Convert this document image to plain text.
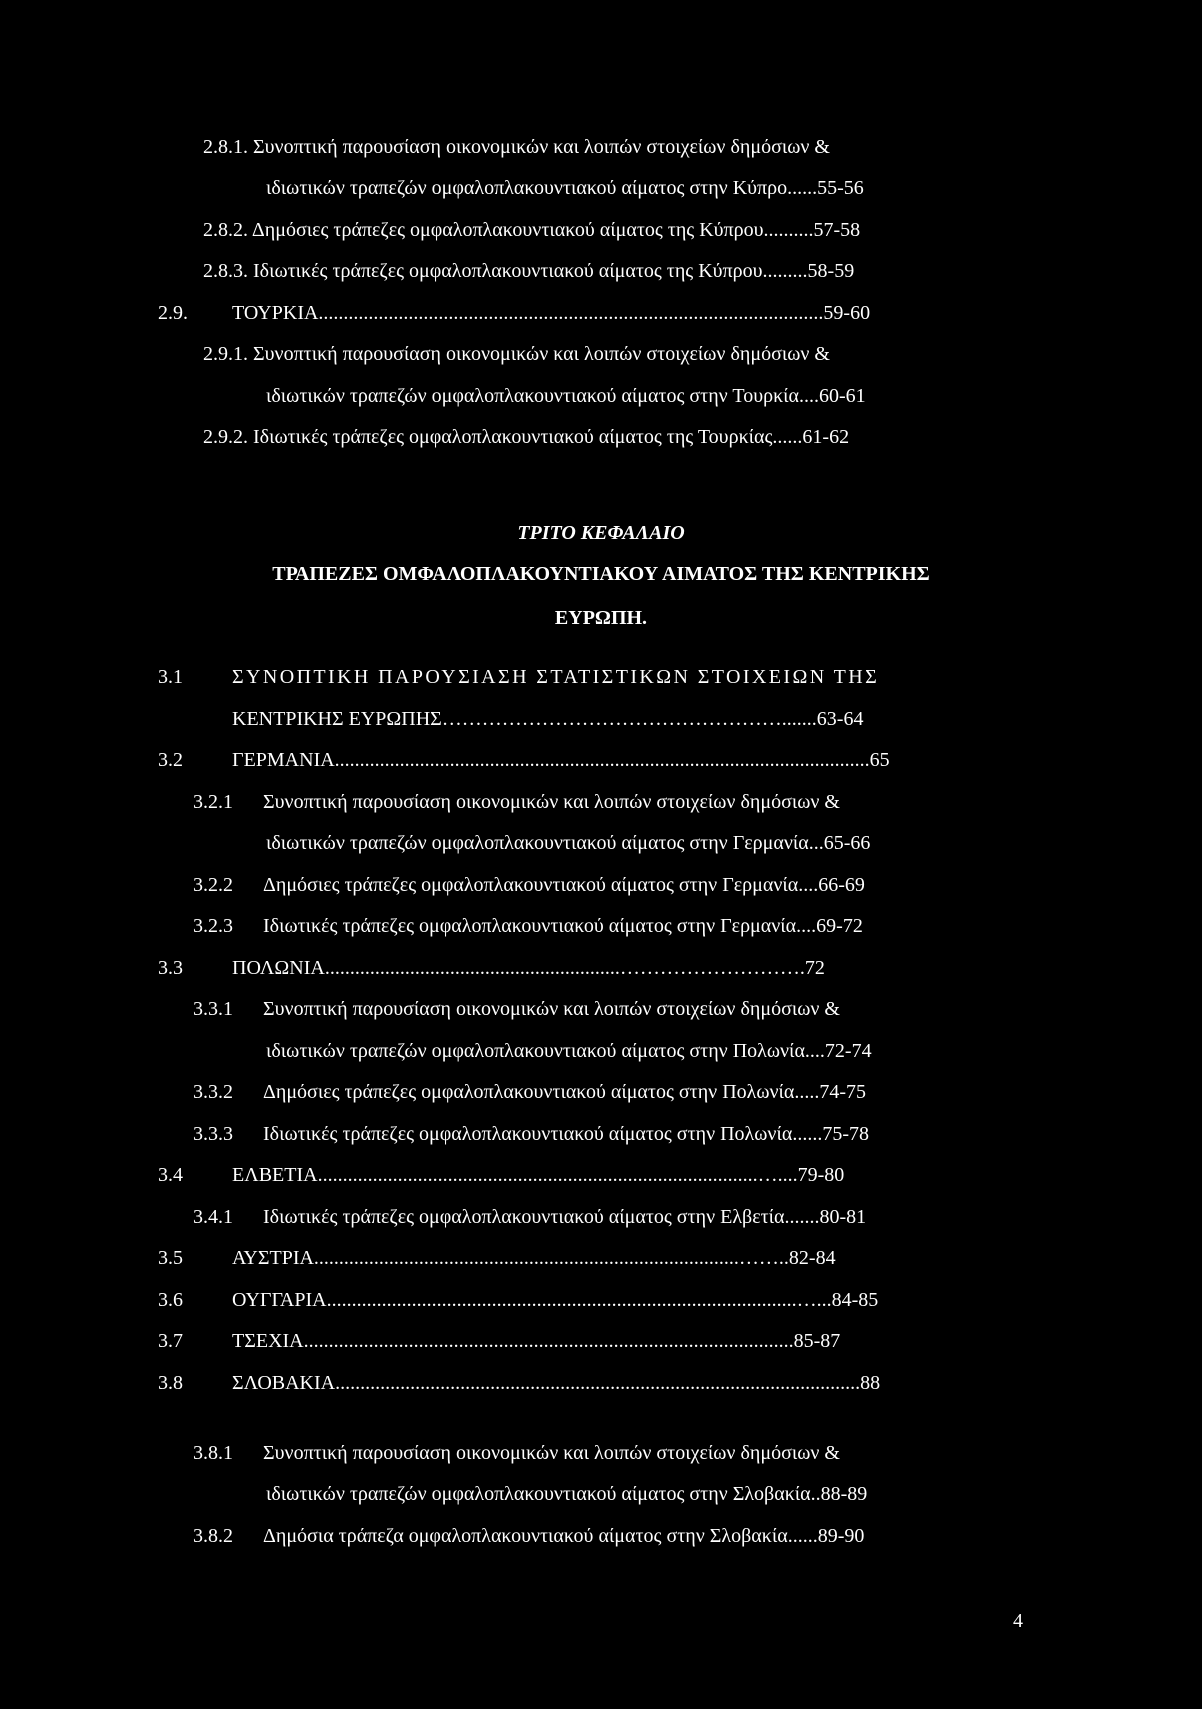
2.8.1. Συνοπτική παρουσίαση οικονομικών και λοιπών στοιχείων δημόσιων &
ιδιωτικών τραπεζών ομφαλοπλακουντιακού αίματος στην Κύπρο......55-56
2.8.2. Δημόσιες τράπεζες ομφαλοπλακουντιακού αίματος της Κύπρου..........57-58
2.8.3. Ιδιωτικές τράπεζες ομφαλοπλακουντιακού αίματος της Κύπρου.........58-59
2.9. ΤΟΥΡΚΙΑ.....................................................................................................59-60
2.9.1. Συνοπτική παρουσίαση οικονομικών και λοιπών στοιχείων δημόσιων &
ιδιωτικών τραπεζών ομφαλοπλακουντιακού αίματος στην Τουρκία....60-61
2.9.2. Ιδιωτικές τράπεζες ομφαλοπλακουντιακού αίματος της Τουρκίας......61-62
ΤΡΙΤΟ ΚΕΦΑΛΑΙΟ
ΤΡΑΠΕΖΕΣ ΟΜΦΑΛΟΠΛΑΚΟΥΝΤΙΑΚΟΥ ΑΙΜΑΤΟΣ ΤΗΣ ΚΕΝΤΡΙΚΗΣ
ΕΥΡΩΠΗ.
3.1 ΣΥΝΟΠΤΙΚΗ ΠΑΡΟΥΣΙΑΣΗ ΣΤΑΤΙΣΤΙΚΩΝ ΣΤΟΙΧΕΙΩΝ ΤΗΣ
ΚΕΝΤΡΙΚΗΣ ΕΥΡΩΠΗΣ…………………………………………….......63-64
3.2 ΓΕΡΜΑΝΙΑ...........................................................................................................65
3.2.1 Συνοπτική παρουσίαση οικονομικών και λοιπών στοιχείων δημόσιων &
ιδιωτικών τραπεζών ομφαλοπλακουντιακού αίματος στην Γερμανία...65-66
3.2.2 Δημόσιες τράπεζες ομφαλοπλακουντιακού αίματος στην Γερμανία....66-69
3.2.3 Ιδιωτικές τράπεζες ομφαλοπλακουντιακού αίματος στην Γερμανία....69-72
3.3 ΠΟΛΩΝΙΑ...........................................................……………………….72
3.3.1 Συνοπτική παρουσίαση οικονομικών και λοιπών στοιχείων δημόσιων &
ιδιωτικών τραπεζών ομφαλοπλακουντιακού αίματος στην Πολωνία....72-74
3.3.2 Δημόσιες τράπεζες ομφαλοπλακουντιακού αίματος στην Πολωνία.....74-75
3.3.3 Ιδιωτικές τράπεζες ομφαλοπλακουντιακού αίματος στην Πολωνία......75-78
3.4 ΕΛΒΕΤΙΑ........................................................................................…....79-80
3.4.1 Ιδιωτικές τράπεζες ομφαλοπλακουντιακού αίματος στην Ελβετία.......80-81
3.5 ΑΥΣΤΡΙΑ.....................................................................................……..82-84
3.6 ΟΥΓΓΑΡΙΑ..............................................................................................…...84-85
3.7 ΤΣΕΧΙΑ..................................................................................................85-87
3.8 ΣΛΟΒΑΚΙΑ.........................................................................................................88
3.8.1 Συνοπτική παρουσίαση οικονομικών και λοιπών στοιχείων δημόσιων &
ιδιωτικών τραπεζών ομφαλοπλακουντιακού αίματος στην Σλοβακία..88-89
3.8.2 Δημόσια τράπεζα ομφαλοπλακουντιακού αίματος στην Σλοβακία......89-90
4
